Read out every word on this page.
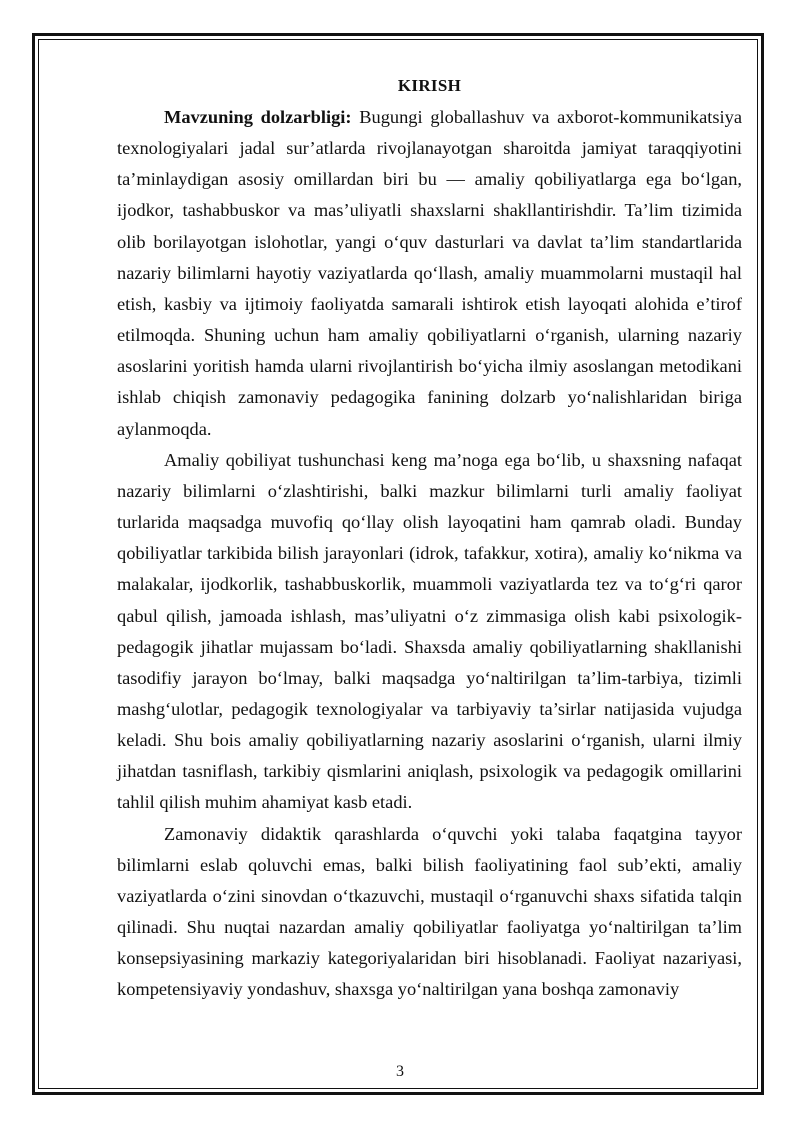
KIRISH

Mavzuning dolzarbligi: Bugungi globallashuv va axborot-kommunikatsiya texnologiyalari jadal sur’atlarda rivojlanayotgan sharoitda jamiyat taraqqiyotini ta’minlaydigan asosiy omillardan biri bu — amaliy qobiliyatlarga ega bo‘lgan, ijodkor, tashabbuskor va mas’uliyatli shaxslarni shakllantirishdir. Ta’lim tizimida olib borilayotgan islohotlar, yangi o‘quv dasturlari va davlat ta’lim standartlarida nazariy bilimlarni hayotiy vaziyatlarda qo‘llash, amaliy muammolarni mustaqil hal etish, kasbiy va ijtimoiy faoliyatda samarali ishtirok etish layoqati alohida e’tirof etilmoqda. Shuning uchun ham amaliy qobiliyatlarni o‘rganish, ularning nazariy asoslarini yoritish hamda ularni rivojlantirish bo‘yicha ilmiy asoslangan metodikani ishlab chiqish zamonaviy pedagogika fanining dolzarb yo‘nalishlaridan biriga aylanmoqda.

Amaliy qobiliyat tushunchasi keng ma’noga ega bo‘lib, u shaxsning nafaqat nazariy bilimlarni o‘zlashtirishi, balki mazkur bilimlarni turli amaliy faoliyat turlarida maqsadga muvofiq qo‘llay olish layoqatini ham qamrab oladi. Bunday qobiliyatlar tarkibida bilish jarayonlari (idrok, tafakkur, xotira), amaliy ko‘nikma va malakalar, ijodkorlik, tashabbuskorlik, muammoli vaziyatlarda tez va to‘g‘ri qaror qabul qilish, jamoada ishlash, mas’uliyatni o‘z zimmasiga olish kabi psixologik-pedagogik jihatlar mujassam bo‘ladi. Shaxsda amaliy qobiliyatlarning shakllanishi tasodifiy jarayon bo‘lmay, balki maqsadga yo‘naltirilgan ta’lim-tarbiya, tizimli mashg‘ulotlar, pedagogik texnologiyalar va tarbiyaviy ta’sirlar natijasida vujudga keladi. Shu bois amaliy qobiliyatlarning nazariy asoslarini o‘rganish, ularni ilmiy jihatdan tasniflash, tarkibiy qismlarini aniqlash, psixologik va pedagogik omillarini tahlil qilish muhim ahamiyat kasb etadi.

Zamonaviy didaktik qarashlarda o‘quvchi yoki talaba faqatgina tayyor bilimlarni eslab qoluvchi emas, balki bilish faoliyatining faol sub’ekti, amaliy vaziyatlarda o‘zini sinovdan o‘tkazuvchi, mustaqil o‘rganuvchi shaxs sifatida talqin qilinadi. Shu nuqtai nazardan amaliy qobiliyatlar faoliyatga yo‘naltirilgan ta’lim konsepsiyasining markaziy kategoriyalaridan biri hisoblanadi. Faoliyat nazariyasi, kompetensiyaviy yondashuv, shaxsga yo‘naltirilgan yana boshqa zamonaviy

3
